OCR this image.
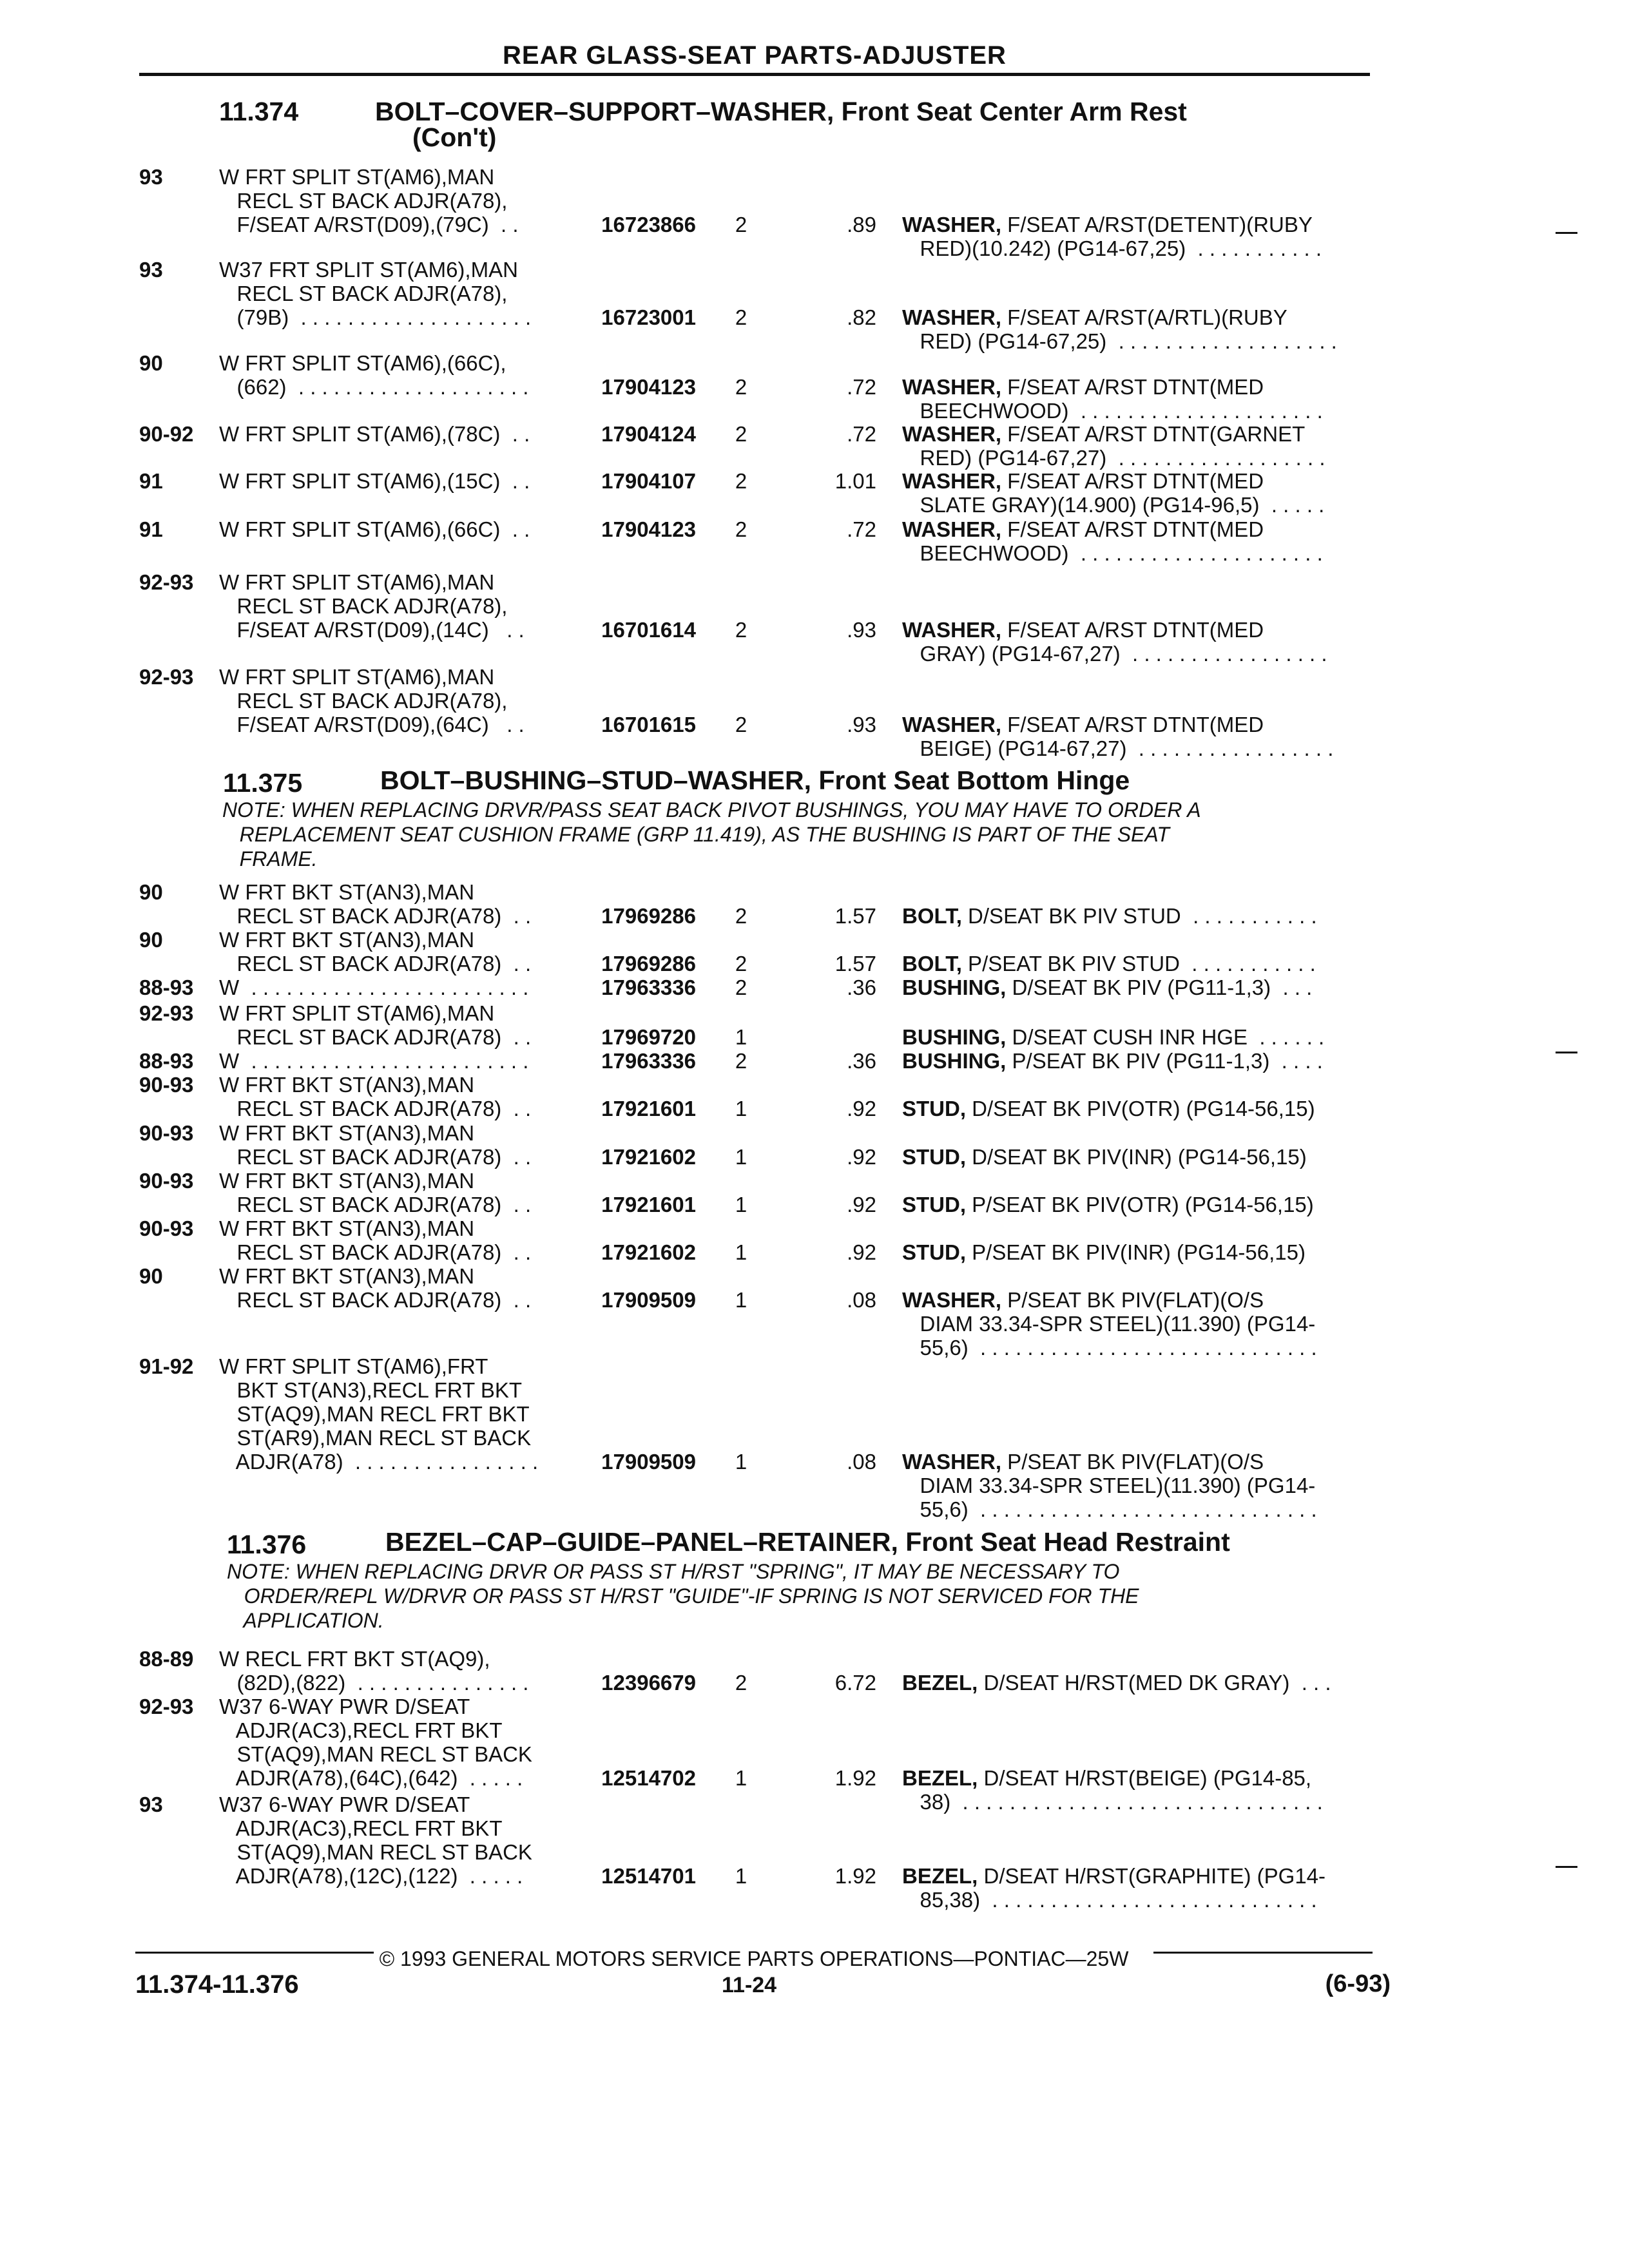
REAR GLASS-SEAT PARTS-ADJUSTER
11.374	BOLT–COVER–SUPPORT–WASHER, Front Seat Center Arm Rest
(Con't)
11.375	BOLT–BUSHING–STUD–WASHER, Front Seat Bottom Hinge
NOTE: WHEN REPLACING DRVR/PASS SEAT BACK PIVOT BUSHINGS, YOU MAY HAVE TO ORDER A
REPLACEMENT SEAT CUSHION FRAME (GRP 11.419), AS THE BUSHING IS PART OF THE SEAT
FRAME.
11.376	BEZEL–CAP–GUIDE–PANEL–RETAINER, Front Seat Head Restraint
NOTE: WHEN REPLACING DRVR OR PASS ST H/RST "SPRING", IT MAY BE NECESSARY TO
ORDER/REPL W/DRVR OR PASS ST H/RST "GUIDE"-IF SPRING IS NOT SERVICED FOR THE
APPLICATION.
93	W FRT SPLIT ST(AM6),MAN
RECL ST BACK ADJR(A78),
F/SEAT A/RST(D09),(79C)  . .	16723866	2	.89 WASHER, F/SEAT A/RST(DETENT)(RUBY
RED)(10.242) (PG14-67,25)  . . . . . . . . . . .
93	W37 FRT SPLIT ST(AM6),MAN
RECL ST BACK ADJR(A78),
(79B)  . . . . . . . . . . . . . . . . . . . .	16723001	2	.82 WASHER, F/SEAT A/RST(A/RTL)(RUBY
RED) (PG14-67,25)  . . . . . . . . . . . . . . . . . . .
90	W FRT SPLIT ST(AM6),(66C),
(662)  . . . . . . . . . . . . . . . . . . . .	17904123	2	.72 WASHER, F/SEAT A/RST DTNT(MED
BEECHWOOD)  . . . . . . . . . . . . . . . . . . . . .
90-92 W FRT SPLIT ST(AM6),(78C)  . .	17904124	2	.72 WASHER, F/SEAT A/RST DTNT(GARNET
RED) (PG14-67,27)  . . . . . . . . . . . . . . . . . .
91	W FRT SPLIT ST(AM6),(15C)  . .	17904107	2	1.01 WASHER, F/SEAT A/RST DTNT(MED
SLATE GRAY)(14.900) (PG14-96,5)  . . . . .
91	W FRT SPLIT ST(AM6),(66C)  . .	17904123	2	.72 WASHER, F/SEAT A/RST DTNT(MED
BEECHWOOD)  . . . . . . . . . . . . . . . . . . . . .
92-93 W FRT SPLIT ST(AM6),MAN
RECL ST BACK ADJR(A78),
F/SEAT A/RST(D09),(14C)   . .	16701614	2	.93 WASHER, F/SEAT A/RST DTNT(MED
GRAY) (PG14-67,27)  . . . . . . . . . . . . . . . . .
92-93 W FRT SPLIT ST(AM6),MAN
RECL ST BACK ADJR(A78),
F/SEAT A/RST(D09),(64C)   . .	16701615	2	.93 WASHER, F/SEAT A/RST DTNT(MED
BEIGE) (PG14-67,27)  . . . . . . . . . . . . . . . . .
90	W FRT BKT ST(AN3),MAN
RECL ST BACK ADJR(A78)  . .	17969286	2	1.57 BOLT, D/SEAT BK PIV STUD  . . . . . . . . . . .
90	W FRT BKT ST(AN3),MAN
RECL ST BACK ADJR(A78)  . .	17969286	2	1.57 BOLT, P/SEAT BK PIV STUD  . . . . . . . . . . .
88-93 W  . . . . . . . . . . . . . . . . . . . . . . . .	17963336	2	.36 BUSHING, D/SEAT BK PIV (PG11-1,3)  . . .
92-93 W FRT SPLIT ST(AM6),MAN
RECL ST BACK ADJR(A78)  . .	17969720	1	BUSHING, D/SEAT CUSH INR HGE  . . . . . .
88-93 W  . . . . . . . . . . . . . . . . . . . . . . . .	17963336	2	.36 BUSHING, P/SEAT BK PIV (PG11-1,3)  . . . .
90-93 W FRT BKT ST(AN3),MAN
RECL ST BACK ADJR(A78)  . .	17921601	1	.92 STUD, D/SEAT BK PIV(OTR) (PG14-56,15)
90-93 W FRT BKT ST(AN3),MAN
RECL ST BACK ADJR(A78)  . .	17921602	1	.92 STUD, D/SEAT BK PIV(INR) (PG14-56,15)
90-93 W FRT BKT ST(AN3),MAN
RECL ST BACK ADJR(A78)  . .	17921601	1	.92 STUD, P/SEAT BK PIV(OTR) (PG14-56,15)
90-93 W FRT BKT ST(AN3),MAN
RECL ST BACK ADJR(A78)  . .	17921602	1	.92 STUD, P/SEAT BK PIV(INR) (PG14-56,15)
90	W FRT BKT ST(AN3),MAN
RECL ST BACK ADJR(A78)  . .	17909509	1	.08 WASHER, P/SEAT BK PIV(FLAT)(O/S
DIAM 33.34-SPR STEEL)(11.390) (PG14-
55,6)  . . . . . . . . . . . . . . . . . . . . . . . . . . . . .
91-92 W FRT SPLIT ST(AM6),FRT
BKT ST(AN3),RECL FRT BKT
ST(AQ9),MAN RECL FRT BKT
ST(AR9),MAN RECL ST BACK
ADJR(A78)  . . . . . . . . . . . . . . . .	17909509	1	.08 WASHER, P/SEAT BK PIV(FLAT)(O/S
DIAM 33.34-SPR STEEL)(11.390) (PG14-
55,6)  . . . . . . . . . . . . . . . . . . . . . . . . . . . . .
88-89 W RECL FRT BKT ST(AQ9),
(82D),(822)  . . . . . . . . . . . . . . .	12396679	2	6.72 BEZEL, D/SEAT H/RST(MED DK GRAY)  . . .
92-93 W37 6-WAY PWR D/SEAT
ADJR(AC3),RECL FRT BKT
ST(AQ9),MAN RECL ST BACK
ADJR(A78),(64C),(642)  . . . . .	12514702	1	1.92 BEZEL, D/SEAT H/RST(BEIGE) (PG14-85,
38)  . . . . . . . . . . . . . . . . . . . . . . . . . . . . . . .
93	W37 6-WAY PWR D/SEAT
ADJR(AC3),RECL FRT BKT
ST(AQ9),MAN RECL ST BACK
ADJR(A78),(12C),(122)  . . . . .	12514701	1	1.92 BEZEL, D/SEAT H/RST(GRAPHITE) (PG14-
85,38)  . . . . . . . . . . . . . . . . . . . . . . . . . . . .
© 1993 GENERAL MOTORS SERVICE PARTS OPERATIONS—PONTIAC—25W
11.374-11.376	11-24	(6-93)
